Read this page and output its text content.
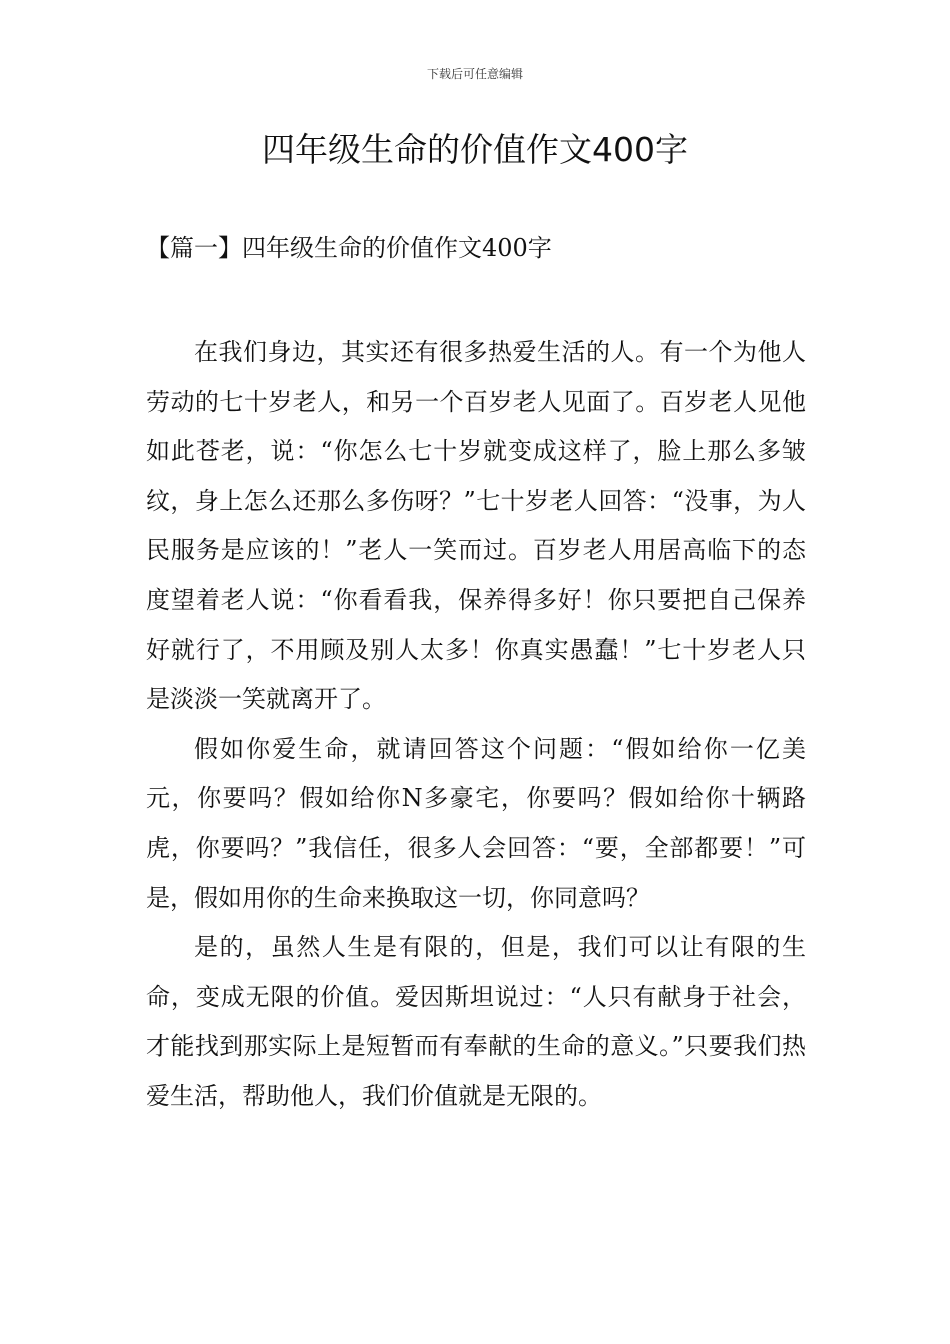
下载后可任意编辑
四年级生命的价值作文400字
【篇一】四年级生命的价值作文400字

在我们身边，其实还有很多热爱生活的人。有一个为他人劳动的七十岁老人，和另一个百岁老人见面了。百岁老人见他如此苍老，说：“你怎么七十岁就变成这样了，脸上那么多皱纹，身上怎么还那么多伤呀？”七十岁老人回答：“没事，为人民服务是应该的！”老人一笑而过。百岁老人用居高临下的态度望着老人说：“你看看我，保养得多好！你只要把自己保养好就行了，不用顾及别人太多！你真实愚蠢！”七十岁老人只是淡淡一笑就离开了。

假如你爱生命，就请回答这个问题：“假如给你一亿美元，你要吗？假如给你N多豪宅，你要吗？假如给你十辆路虎，你要吗？”我信任，很多人会回答：“要，全部都要！”可是，假如用你的生命来换取这一切，你同意吗？

是的，虽然人生是有限的，但是，我们可以让有限的生命，变成无限的价值。爱因斯坦说过：“人只有献身于社会，才能找到那实际上是短暂而有奉献的生命的意义。”只要我们热爱生活，帮助他人，我们价值就是无限的。
